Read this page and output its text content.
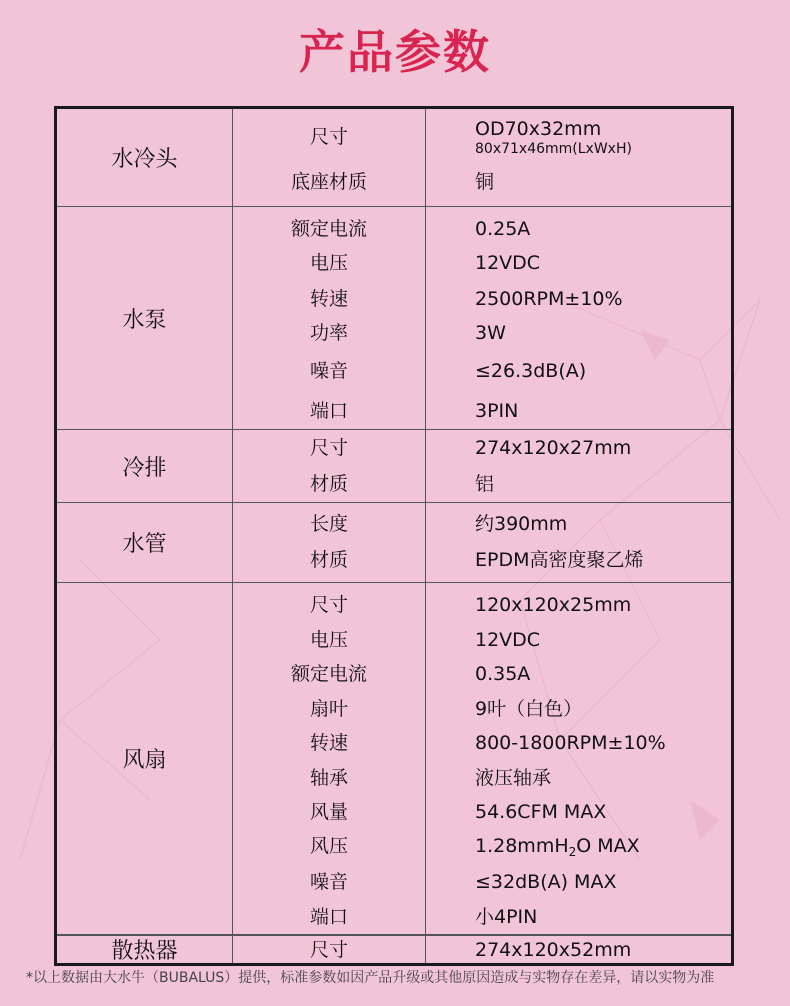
产品参数
水冷头
尺寸	OD70x32mm
80x71x46mm(LxWxH)
底座材质	铜
水泵
额定电流	0.25A
电压	12VDC
转速	2500RPM±10%
功率	3W
噪音	≤26.3dB(A)
端口	3PIN
冷排
尺寸	274x120x27mm
材质	铝
水管
长度	约390mm
材质	EPDM高密度聚乙烯
风扇
尺寸	120x120x25mm
电压	12VDC
额定电流	0.35A
扇叶	9叶（白色）
转速	800-1800RPM±10%
轴承	液压轴承
风量	54.6CFM MAX
风压	1.28mmH$_2$O MAX
噪音	≤32dB(A) MAX
端口	小4PIN
散热器	尺寸	274x120x52mm
*以上数据由大水牛（BUBALUS）提供，标准参数如因产品升级或其他原因造成与实物存在差异，请以实物为准
